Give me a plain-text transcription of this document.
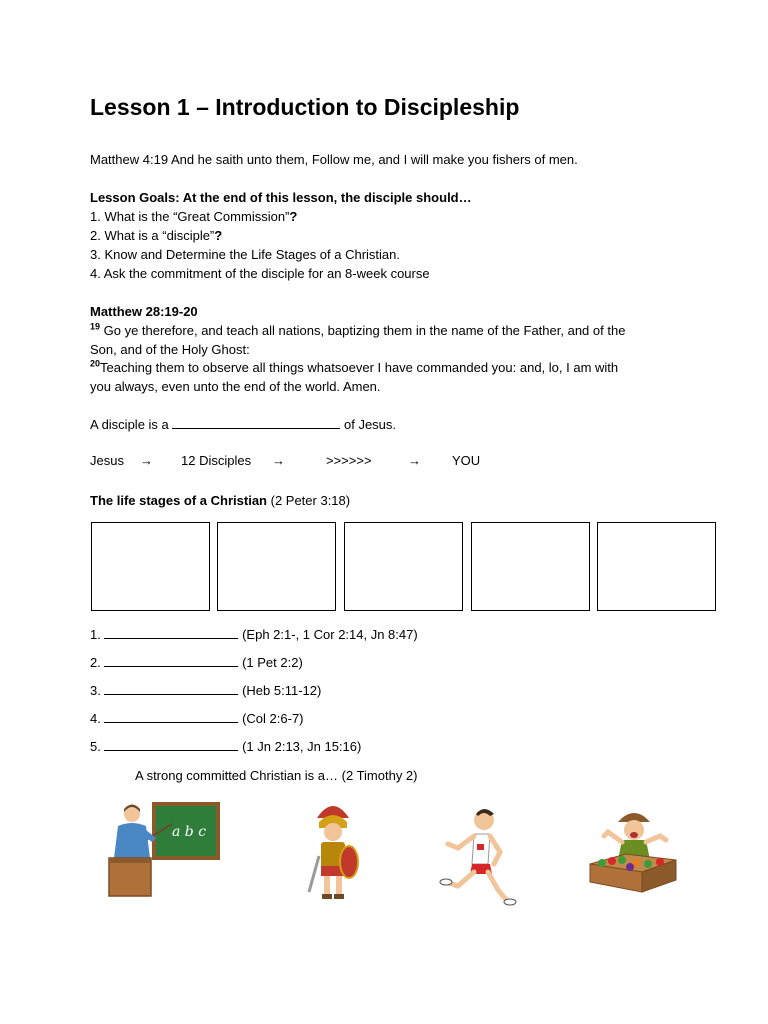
Lesson 1 – Introduction to Discipleship
Matthew 4:19 And he saith unto them, Follow me, and I will make you fishers of men.
Lesson Goals: At the end of this lesson, the disciple should…
1. What is the “Great Commission”?
2. What is a “disciple”?
3. Know and Determine the Life Stages of a Christian.
4. Ask the commitment of the disciple for an 8-week course
Matthew 28:19-20
$^{19}$ Go ye therefore, and teach all nations, baptizing them in the name of the Father, and of the
Son, and of the Holy Ghost:
$^{20}$Teaching them to observe all things whatsoever I have commanded you: and, lo, I am with
you always, even unto the end of the world. Amen.
A disciple is a	of Jesus.
Jesus → 12 Disciples →	>>>>>>	→ YOU
The life stages of a Christian (2 Peter 3:18)
1.	(Eph 2:1-, 1 Cor 2:14, Jn 8:47)
2.	(1 Pet 2:2)
3.	(Heb 5:11-12)
4.	(Col 2:6-7)
5.	(1 Jn 2:13, Jn 15:16)
A strong committed Christian is a… (2 Timothy 2)
a b c
